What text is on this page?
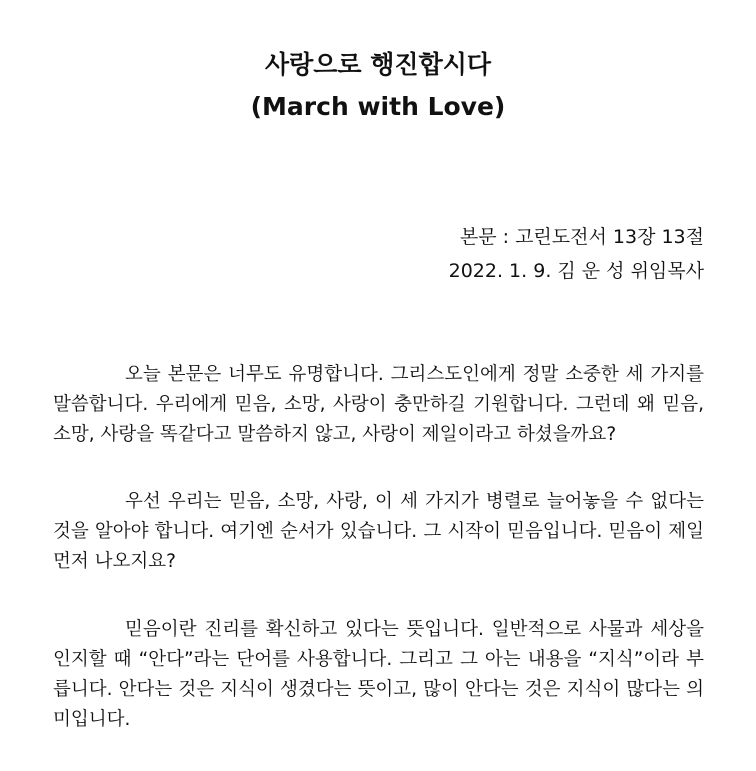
사랑으로 행진합시다
(March with Love)
본문 : 고린도전서 13장 13절
2022. 1. 9. 김 운 성 위임목사

오늘 본문은 너무도 유명합니다. 그리스도인에게 정말 소중한 세 가지를 말씀합니다. 우리에게 믿음, 소망, 사랑이 충만하길 기원합니다. 그런데 왜 믿음, 소망, 사랑을 똑같다고 말씀하지 않고, 사랑이 제일이라고 하셨을까요?

우선 우리는 믿음, 소망, 사랑, 이 세 가지가 병렬로 늘어놓을 수 없다는 것을 알아야 합니다. 여기엔 순서가 있습니다. 그 시작이 믿음입니다. 믿음이 제일 먼저 나오지요?

믿음이란 진리를 확신하고 있다는 뜻입니다. 일반적으로 사물과 세상을 인지할 때 “안다”라는 단어를 사용합니다. 그리고 그 아는 내용을 “지식”이라 부릅니다. 안다는 것은 지식이 생겼다는 뜻이고, 많이 안다는 것은 지식이 많다는 의미입니다.
